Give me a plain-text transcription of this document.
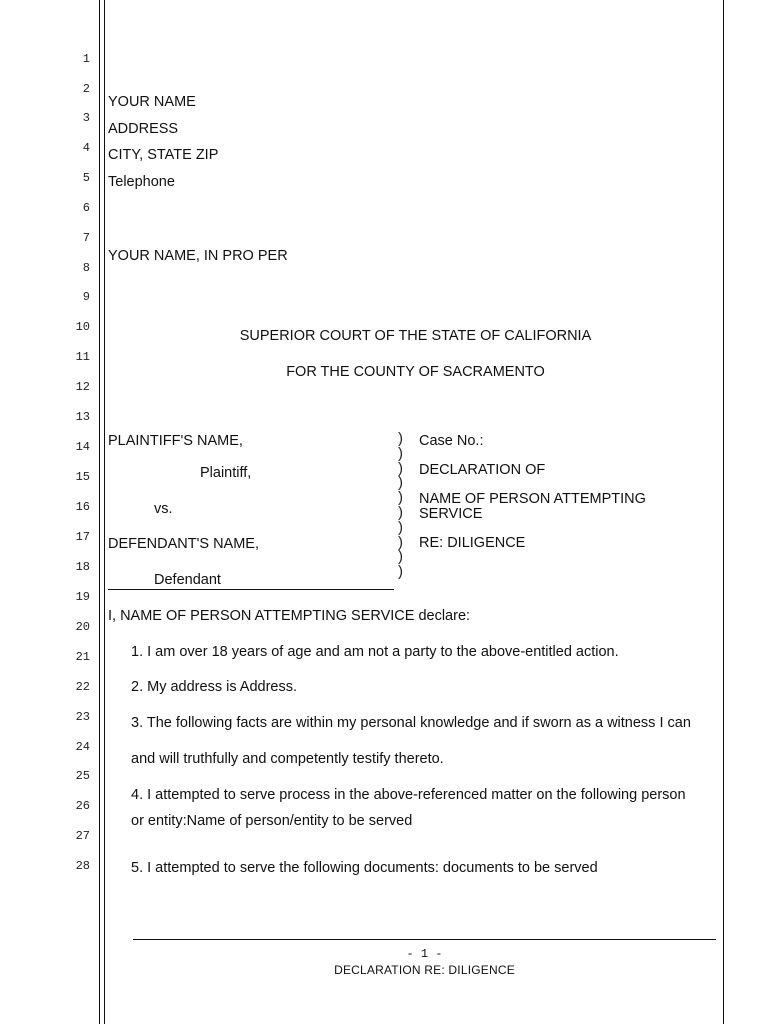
1
2
3
4
5
6
7
8
9
10
11
12
13
14
15
16
17
18
19
20
21
22
23
24
25
26
27
28
YOUR NAME
ADDRESS
CITY, STATE ZIP
Telephone
YOUR NAME, IN PRO PER
SUPERIOR COURT OF THE STATE OF CALIFORNIA
FOR THE COUNTY OF SACRAMENTO
PLAINTIFF'S NAME,
Plaintiff,
vs.
DEFENDANT'S NAME,
Defendant
)
)
)
)
)
)
)
)
)
)
Case No.:
DECLARATION OF
NAME OF PERSON ATTEMPTING
SERVICE
RE: DILIGENCE
I, NAME OF PERSON ATTEMPTING SERVICE declare:
1. I am over 18 years of age and am not a party to the above-entitled action.
2. My address is Address.
3. The following facts are within my personal knowledge and if sworn as a witness I can
and will truthfully and competently testify thereto.
4. I attempted to serve process in the above-referenced matter on the following person
or entity:Name of person/entity to be served
5. I attempted to serve the following documents: documents to be served
- 1 -
DECLARATION RE: DILIGENCE
